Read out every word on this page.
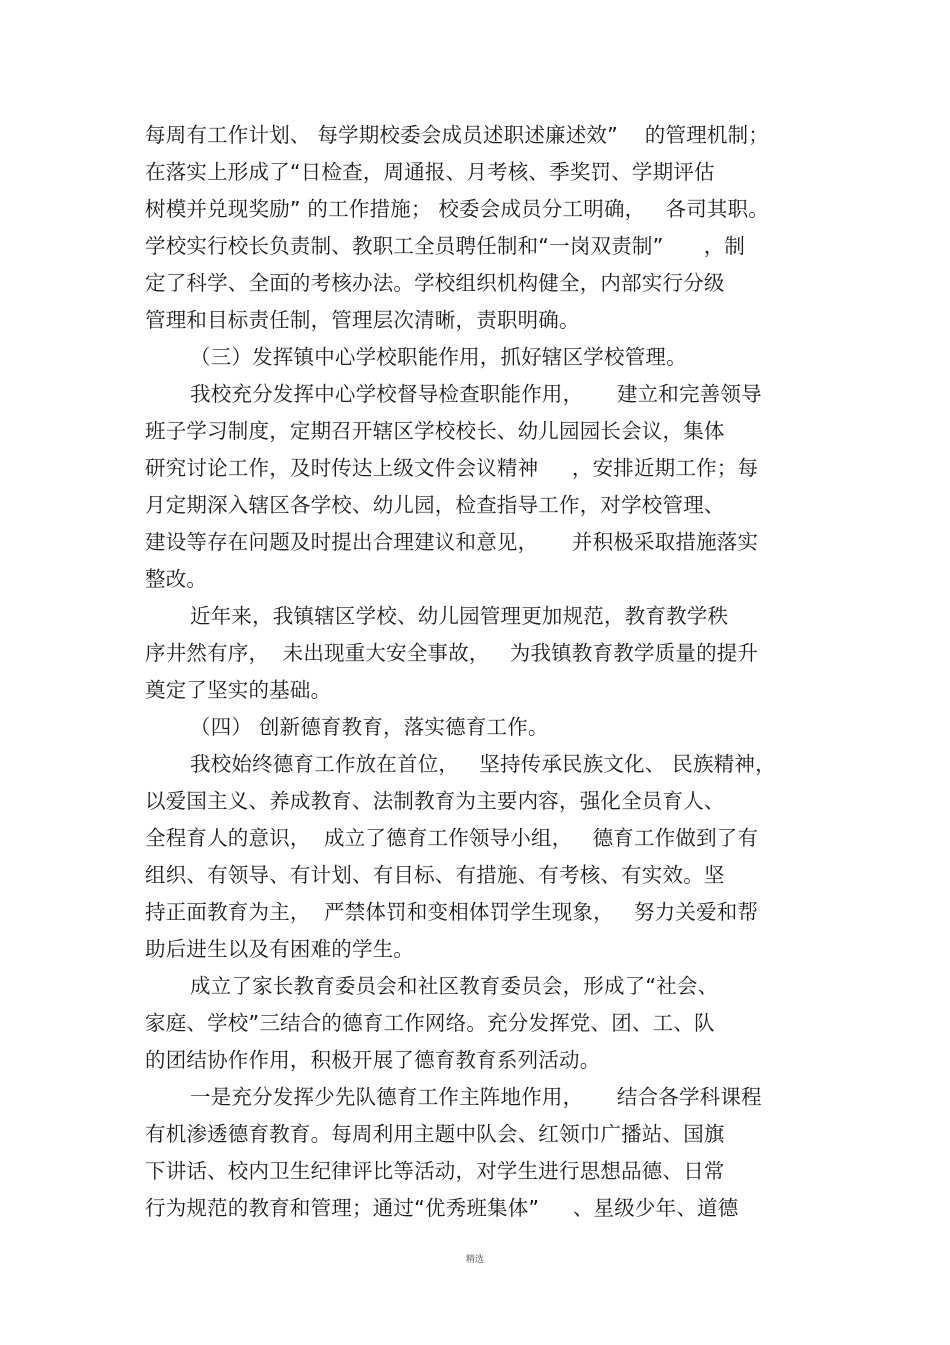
每周有工作计划、 每学期校委会成员述职述廉述效”    的管理机制；
在落实上形成了“日检查，周通报、月考核、季奖罚、学期评估
树模并兑现奖励” 的工作措施； 校委会成员分工明确，   各司其职。
学校实行校长负责制、教职工全员聘任制和“一岗双责制”      ，制
定了科学、全面的考核办法。学校组织机构健全，内部实行分级
管理和目标责任制，管理层次清晰，责职明确。
（三）发挥镇中心学校职能作用，抓好辖区学校管理。
我校充分发挥中心学校督导检查职能作用，     建立和完善领导
班子学习制度，定期召开辖区学校校长、幼儿园园长会议，集体
研究讨论工作，及时传达上级文件会议精神     ，安排近期工作；每
月定期深入辖区各学校、幼儿园，检查指导工作，对学校管理、
建设等存在问题及时提出合理建议和意见，     并积极采取措施落实
整改。
近年来，我镇辖区学校、幼儿园管理更加规范，教育教学秩
序井然有序，  未出现重大安全事故，   为我镇教育教学质量的提升
奠定了坚实的基础。
（四） 创新德育教育，落实德育工作。
我校始终德育工作放在首位，   坚持传承民族文化、 民族精神，
以爱国主义、养成教育、法制教育为主要内容，强化全员育人、
全程育人的意识，  成立了德育工作领导小组，   德育工作做到了有
组织、有领导、有计划、有目标、有措施、有考核、有实效。坚
持正面教育为主，  严禁体罚和变相体罚学生现象，   努力关爱和帮
助后进生以及有困难的学生。
成立了家长教育委员会和社区教育委员会，形成了“社会、
家庭、学校”三结合的德育工作网络。充分发挥党、团、工、队
的团结协作作用，积极开展了德育教育系列活动。
一是充分发挥少先队德育工作主阵地作用，     结合各学科课程
有机渗透德育教育。每周利用主题中队会、红领巾广播站、国旗
下讲话、校内卫生纪律评比等活动，对学生进行思想品德、日常
行为规范的教育和管理；通过“优秀班集体”     、星级少年、道德
精选
